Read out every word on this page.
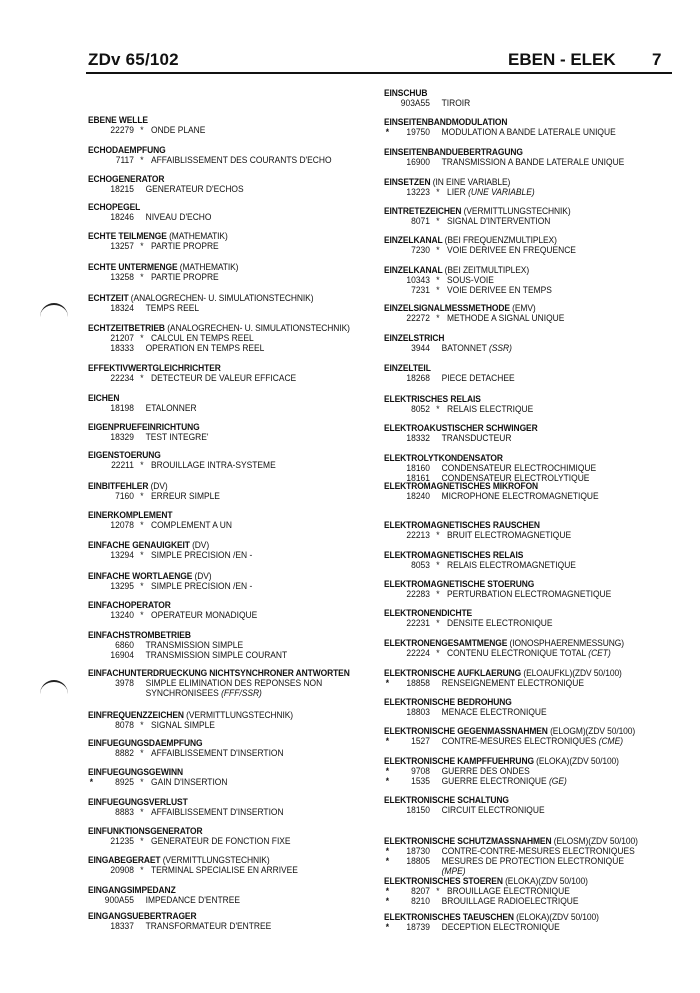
ZDv 65/102	EBEN - ELEK 7
EBENE WELLE
22279 * ONDE PLANE
ECHODAEMPFUNG
7117 * AFFAIBLISSEMENT DES COURANTS D'ECHO
ECHOGENERATOR
18215 GENERATEUR D'ECHOS
ECHOPEGEL
18246 NIVEAU D'ECHO
ECHTE TEILMENGE (MATHEMATIK)
13257 * PARTIE PROPRE
ECHTE UNTERMENGE (MATHEMATIK)
13258 * PARTIE PROPRE
ECHTZEIT (ANALOGRECHEN- U. SIMULATIONSTECHNIK)
18324 TEMPS REEL
ECHTZEITBETRIEB (ANALOGRECHEN- U. SIMULATIONSTECHNIK)
21207 * CALCUL EN TEMPS REEL
18333 OPERATION EN TEMPS REEL
EFFEKTIVWERTGLEICHRICHTER
22234 * DETECTEUR DE VALEUR EFFICACE
EICHEN
18198 ETALONNER
EIGENPRUEFEINRICHTUNG
18329 TEST INTEGRE'
EIGENSTOERUNG
22211 * BROUILLAGE INTRA-SYSTEME
EINBITFEHLER (DV)
7160 * ERREUR SIMPLE
EINERKOMPLEMENT
12078 * COMPLEMENT A UN
EINFACHE GENAUIGKEIT (DV)
13294 * SIMPLE PRECISION /EN -
EINFACHE WORTLAENGE (DV)
13295 * SIMPLE PRECISION /EN -
EINFACHOPERATOR
13240 * OPERATEUR MONADIQUE
EINFACHSTROMBETRIEB
6860 TRANSMISSION SIMPLE
16904 TRANSMISSION SIMPLE COURANT
EINFACHUNTERDRUECKUNG NICHTSYNCHRONER ANTWORTEN
3978 SIMPLE ELIMINATION DES REPONSES NON
SYNCHRONISEES (FFF/SSR)
EINFREQUENZZEICHEN (VERMITTLUNGSTECHNIK)
8078 * SIGNAL SIMPLE
EINFUEGUNGSDAEMPFUNG
8882 * AFFAIBLISSEMENT D'INSERTION
EINFUEGUNGSGEWINN
*	8925 * GAIN D'INSERTION
EINFUEGUNGSVERLUST
8883 * AFFAIBLISSEMENT D'INSERTION
EINFUNKTIONSGENERATOR
21235 * GENERATEUR DE FONCTION FIXE
EINGABEGERAET (VERMITTLUNGSTECHNIK)
20908 * TERMINAL SPECIALISE EN ARRIVEE
EINGANGSIMPEDANZ
900A55 IMPEDANCE D'ENTREE
EINGANGSUEBERTRAGER
18337 TRANSFORMATEUR D'ENTREE
EINSCHUB
903A55 TIROIR
EINSEITENBANDMODULATION
*	19750 MODULATION A BANDE LATERALE UNIQUE
EINSEITENBANDUEBERTRAGUNG
16900 TRANSMISSION A BANDE LATERALE UNIQUE
EINSETZEN (IN EINE VARIABLE)
13223 * LIER (UNE VARIABLE)
EINTRETEZEICHEN (VERMITTLUNGSTECHNIK)
8071 * SIGNAL D'INTERVENTION
EINZELKANAL (BEI FREQUENZMULTIPLEX)
7230 * VOIE DERIVEE EN FREQUENCE
EINZELKANAL (BEI ZEITMULTIPLEX)
10343 * SOUS-VOIE
7231 * VOIE DERIVEE EN TEMPS
EINZELSIGNALMESSMETHODE (EMV)
22272 * METHODE A SIGNAL UNIQUE
EINZELSTRICH
3944 BATONNET (SSR)
EINZELTEIL
18268 PIECE DETACHEE
ELEKTRISCHES RELAIS
8052 * RELAIS ELECTRIQUE
ELEKTROAKUSTISCHER SCHWINGER
18332 TRANSDUCTEUR
ELEKTROLYTKONDENSATOR
18160 CONDENSATEUR ELECTROCHIMIQUE
18161 CONDENSATEUR ELECTROLYTIQUE
ELEKTROMAGNETISCHES MIKROFON
18240 MICROPHONE ELECTROMAGNETIQUE
ELEKTROMAGNETISCHES RAUSCHEN
22213 * BRUIT ELECTROMAGNETIQUE
ELEKTROMAGNETISCHES RELAIS
8053 * RELAIS ELECTROMAGNETIQUE
ELEKTROMAGNETISCHE STOERUNG
22283 * PERTURBATION ELECTROMAGNETIQUE
ELEKTRONENDICHTE
22231 * DENSITE ELECTRONIQUE
ELEKTRONENGESAMTMENGE (IONOSPHAERENMESSUNG)
22224 * CONTENU ELECTRONIQUE TOTAL (CET)
ELEKTRONISCHE AUFKLAERUNG (ELOAUFKL)(ZDV 50/100)
*	18858 RENSEIGNEMENT ELECTRONIQUE
ELEKTRONISCHE BEDROHUNG
18803 MENACE ELECTRONIQUE
ELEKTRONISCHE GEGENMASSNAHMEN (ELOGM)(ZDV 50/100)
*	1527 CONTRE-MESURES ELECTRONIQUES (CME)
ELEKTRONISCHE KAMPFFUEHRUNG (ELOKA)(ZDV 50/100)
*	9708 GUERRE DES ONDES
*	1535 GUERRE ELECTRONIQUE (GE)
ELEKTRONISCHE SCHALTUNG
18150 CIRCUIT ELECTRONIQUE
ELEKTRONISCHE SCHUTZMASSNAHMEN (ELOSM)(ZDV 50/100)
*	18730 CONTRE-CONTRE-MESURES ELECTRONIQUES
*	18805 MESURES DE PROTECTION ELECTRONIQUE
(MPE)
ELEKTRONISCHES STOEREN (ELOKA)(ZDV 50/100)
*	8207 * BROUILLAGE ELECTRONIQUE
*	8210 BROUILLAGE RADIOELECTRIQUE
ELEKTRONISCHES TAEUSCHEN (ELOKA)(ZDV 50/100)
*	18739 DECEPTION ELECTRONIQUE
